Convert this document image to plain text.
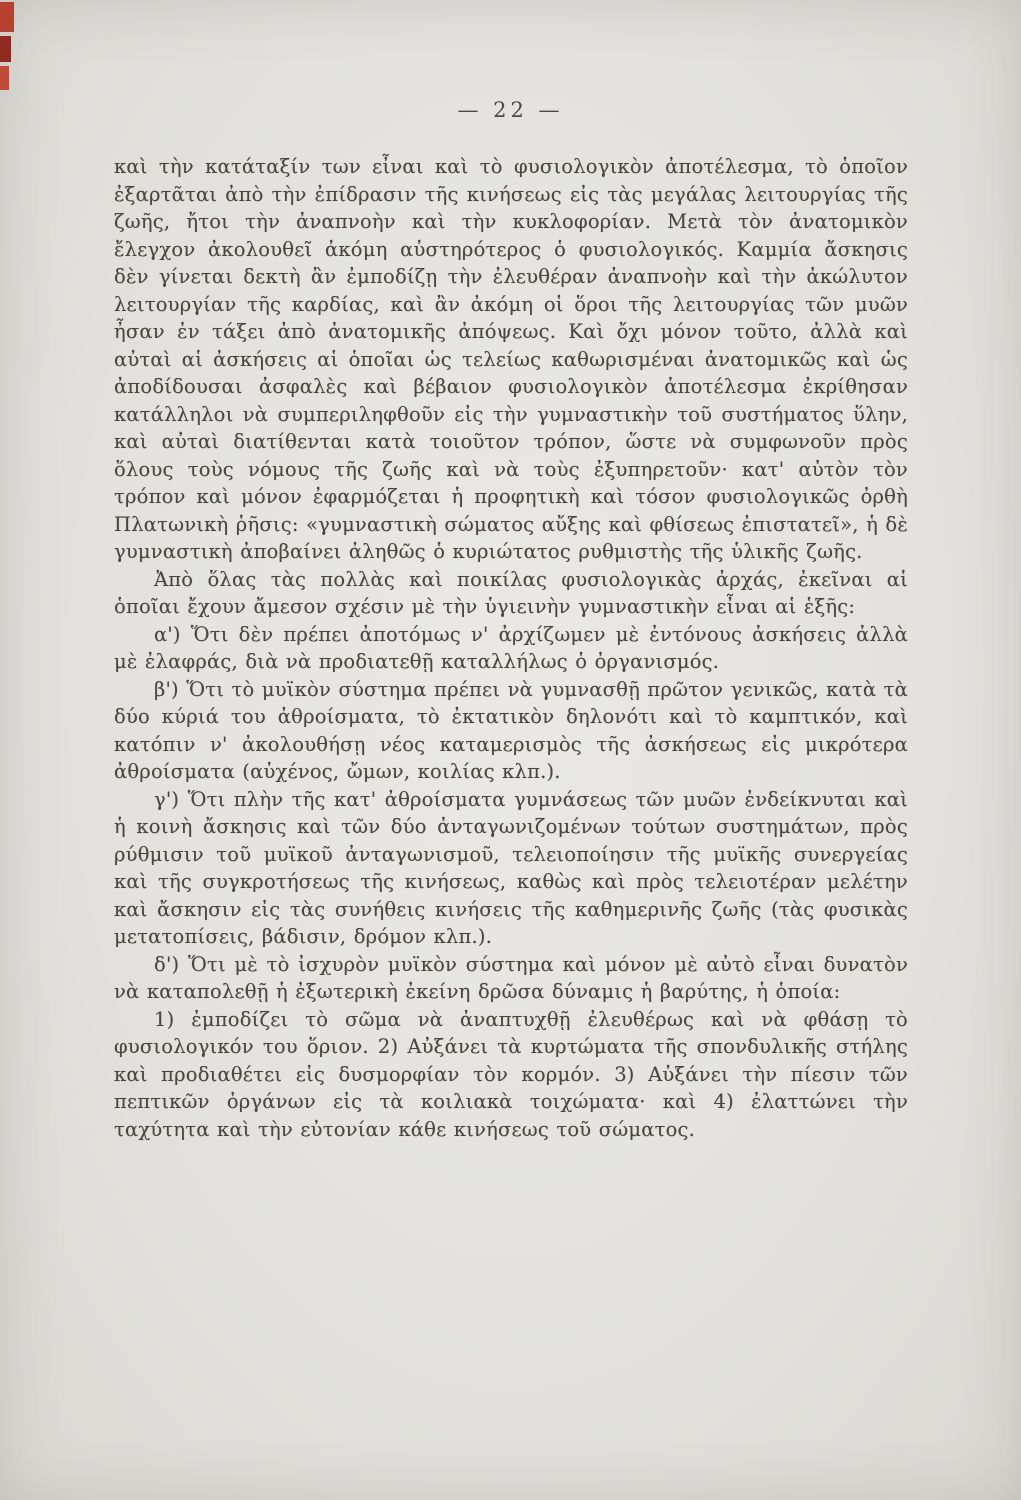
— 22 —

καὶ τὴν κατάταξίν των εἶναι καὶ τὸ φυσιολογικὸν ἀποτέλεσμα, τὸ ὁποῖον ἐξαρτᾶται ἀπὸ τὴν ἐπίδρασιν τῆς κινήσεως εἰς τὰς μεγάλας λειτουργίας τῆς ζωῆς, ἤτοι τὴν ἀναπνοὴν καὶ τὴν κυκλοφορίαν. Μετὰ τὸν ἀνατομικὸν ἔλεγχον ἀκολουθεῖ ἀκόμη αὐστηρότερος ὁ φυσιολογικός. Καμμία ἄσκησις δὲν γίνεται δεκτὴ ἂν ἐμποδίζῃ τὴν ἐλευθέραν ἀναπνοὴν καὶ τὴν ἀκώλυτον λειτουργίαν τῆς καρδίας, καὶ ἂν ἀκόμη οἱ ὅροι τῆς λειτουργίας τῶν μυῶν ἦσαν ἐν τάξει ἀπὸ ἀνατομικῆς ἀπόψεως. Καὶ ὄχι μόνον τοῦτο, ἀλλὰ καὶ αὐταὶ αἱ ἀσκήσεις αἱ ὁποῖαι ὡς τελείως καθωρισμέναι ἀνατομικῶς καὶ ὡς ἀποδίδουσαι ἀσφαλὲς καὶ βέβαιον φυσιολογικὸν ἀποτέλεσμα ἐκρίθησαν κατάλληλοι νὰ συμπεριληφθοῦν εἰς τὴν γυμναστικὴν τοῦ συστήματος ὕλην, καὶ αὐταὶ διατίθενται κατὰ τοιοῦτον τρόπον, ὥστε νὰ συμφωνοῦν πρὸς ὅλους τοὺς νόμους τῆς ζωῆς καὶ νὰ τοὺς ἐξυπηρετοῦν· κατ' αὐτὸν τὸν τρόπον καὶ μόνον ἐφαρμόζεται ἡ προφητικὴ καὶ τόσον φυσιολογικῶς ὀρθὴ Πλατωνικὴ ῥῆσις: «γυμναστικὴ σώματος αὔξης καὶ φθίσεως ἐπιστατεῖ», ἡ δὲ γυμναστικὴ ἀποβαίνει ἀληθῶς ὁ κυριώτατος ρυθμιστὴς τῆς ὑλικῆς ζωῆς.

Ἀπὸ ὅλας τὰς πολλὰς καὶ ποικίλας φυσιολογικὰς ἀρχάς, ἐκεῖναι αἱ ὁποῖαι ἔχουν ἄμεσον σχέσιν μὲ τὴν ὑγιεινὴν γυμναστικὴν εἶναι αἱ ἑξῆς:

α') Ὅτι δὲν πρέπει ἀποτόμως ν' ἀρχίζωμεν μὲ ἐντόνους ἀσκήσεις ἀλλὰ μὲ ἐλαφράς, διὰ νὰ προδιατεθῇ καταλλήλως ὁ ὀργανισμός.

β') Ὅτι τὸ μυϊκὸν σύστημα πρέπει νὰ γυμνασθῇ πρῶτον γενικῶς, κατὰ τὰ δύο κύριά του ἀθροίσματα, τὸ ἐκτατικὸν δηλονότι καὶ τὸ καμπτικόν, καὶ κατόπιν ν' ἀκολουθήσῃ νέος καταμερισμὸς τῆς ἀσκήσεως εἰς μικρότερα ἀθροίσματα (αὐχένος, ὤμων, κοιλίας κλπ.).

γ') Ὅτι πλὴν τῆς κατ' ἀθροίσματα γυμνάσεως τῶν μυῶν ἐνδείκνυται καὶ ἡ κοινὴ ἄσκησις καὶ τῶν δύο ἀνταγωνιζομένων τούτων συστημάτων, πρὸς ρύθμισιν τοῦ μυϊκοῦ ἀνταγωνισμοῦ, τελειοποίησιν τῆς μυϊκῆς συνεργείας καὶ τῆς συγκροτήσεως τῆς κινήσεως, καθὼς καὶ πρὸς τελειοτέραν μελέτην καὶ ἄσκησιν εἰς τὰς συνήθεις κινήσεις τῆς καθημερινῆς ζωῆς (τὰς φυσικὰς μετατοπίσεις, βάδισιν, δρόμον κλπ.).

δ') Ὅτι μὲ τὸ ἰσχυρὸν μυϊκὸν σύστημα καὶ μόνον μὲ αὐτὸ εἶναι δυνατὸν νὰ καταπολεθῇ ἡ ἐξωτερικὴ ἐκείνη δρῶσα δύναμις ἡ βαρύτης, ἡ ὁποία:

1) ἐμποδίζει τὸ σῶμα νὰ ἀναπτυχθῇ ἐλευθέρως καὶ νὰ φθάσῃ τὸ φυσιολογικόν του ὅριον. 2) Αὐξάνει τὰ κυρτώματα τῆς σπονδυλικῆς στήλης καὶ προδιαθέτει εἰς δυσμορφίαν τὸν κορμόν. 3) Αὐξάνει τὴν πίεσιν τῶν πεπτικῶν ὀργάνων εἰς τὰ κοιλιακὰ τοιχώματα· καὶ 4) ἐλαττώνει τὴν ταχύτητα καὶ τὴν εὐτονίαν κάθε κινήσεως τοῦ σώματος.
